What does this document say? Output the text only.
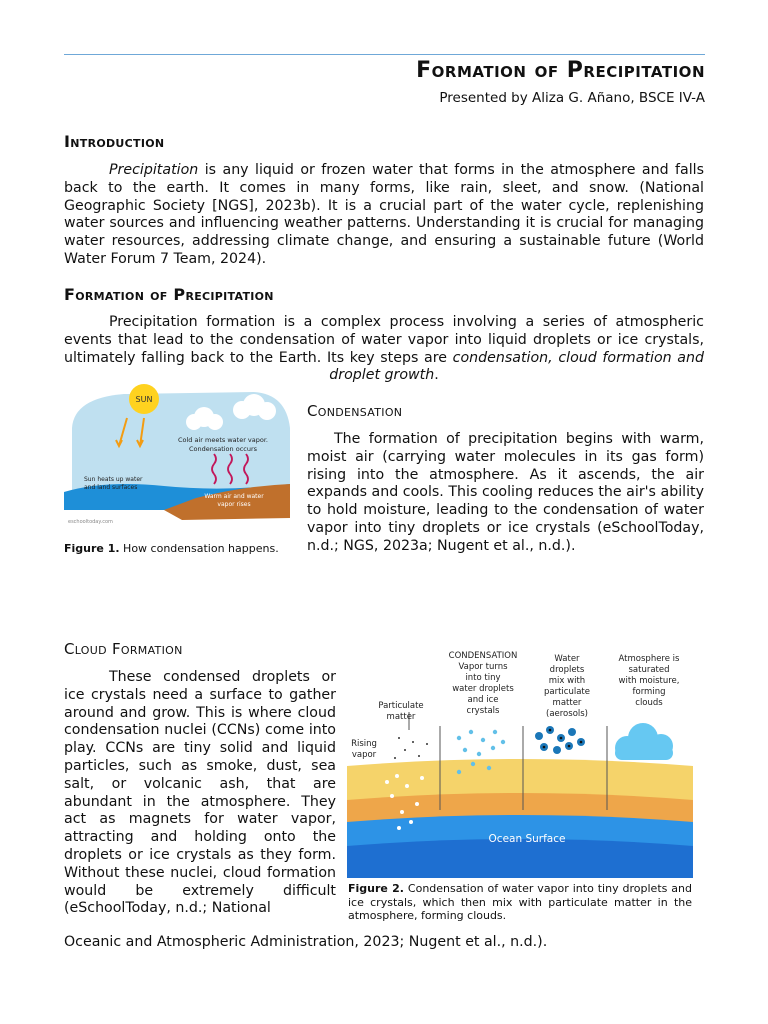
Formation of Precipitation
Presented by Aliza G. Añano, BSCE IV-A
Introduction

Precipitation is any liquid or frozen water that forms in the atmosphere and falls back to the earth. It comes in many forms, like rain, sleet, and snow. (National Geographic Society [NGS], 2023b). It is a crucial part of the water cycle, replenishing water sources and influencing weather patterns. Understanding it is crucial for managing water resources, addressing climate change, and ensuring a sustainable future (World Water Forum 7 Team, 2024).

Formation of Precipitation

Precipitation formation is a complex process involving a series of atmospheric events that lead to the condensation of water vapor into liquid droplets or ice crystals, ultimately falling back to the Earth. Its key steps are condensation, cloud formation and droplet growth.

SUN
Cold air meets water vapor.
Condensation occurs
Sun heats up water
and land surfaces
Warm air and water
vapor rises
eschooltoday.com

Figure 1. How condensation happens.

Condensation

The formation of precipitation begins with warm, moist air (carrying water molecules in its gas form) rising into the atmosphere. As it ascends, the air expands and cools. This cooling reduces the air's ability to hold moisture, leading to the condensation of water vapor into tiny droplets or ice crystals (eSchoolToday, n.d.; NGS, 2023a; Nugent et al., n.d.).

Cloud Formation

These condensed droplets or ice crystals need a surface to gather around and grow. This is where cloud condensation nuclei (CCNs) come into play. CCNs are tiny solid and liquid particles, such as smoke, dust, sea salt, or volcanic ash, that are abundant in the atmosphere. They act as magnets for water vapor, attracting and holding onto the droplets or ice crystals as they form. Without these nuclei, cloud formation would be extremely difficult (eSchoolToday, n.d.; National

Oceanic and Atmospheric Administration, 2023; Nugent et al., n.d.).

Ocean Surface
Rising
vapor
Particulate
matter
CONDENSATION
Vapor turns
into tiny
water droplets
and ice
crystals
Water
droplets
mix with
particulate
matter
(aerosols)
Atmosphere is
saturated
with moisture,
forming
clouds

Figure 2. Condensation of water vapor into tiny droplets and ice crystals, which then mix with particulate matter in the atmosphere, forming clouds.
